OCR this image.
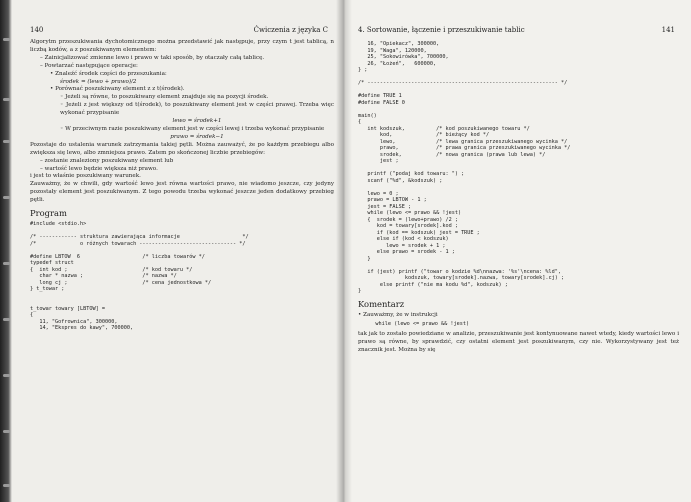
140	Ćwiczenia z języka C

Algorytm przeszukiwania dychotomicznego można przedstawić jak następuje, przy czym t jest tablicą, n liczbą kodów, a z poszukiwanym elementem:

– Zainicjalizować zmienne lewo i prawo w taki sposób, by otaczały całą tablicę.
– Powtarzać następujące operacje:
• Znaleźć środek części do przeszukania:
środek = (lewo + prawo)/2
• Porównać poszukiwany element z z t(środek).
◦ Jeżeli są równe, to poszukiwany element znajduje się na pozycji środek.
◦ Jeżeli z jest większy od t(środek), to poszukiwany element jest w części prawej. Trzeba więc wykonać przypisanie
lewo = środek+1
◦ W przeciwnym razie poszukiwany element jest w części lewej i trzeba wykonać przypisanie
prawo = środek−1

Pozostaje do ustalenia warunek zatrzymania takiej pętli. Można zauważyć, że po każdym przebiegu albo zwiększa się lewo, albo zmniejsza prawo. Zatem po skończonej liczbie przebiegów:

– zostanie znaleziony poszukiwany element lub
– wartość lewo będzie większa niż prawo.

i jest to właśnie poszukiwany warunek.

Zauważmy, że w chwili, gdy wartość lewo jest równa wartości prawo, nie wiadomo jeszcze, czy jedyny pozostały element jest poszukiwanym. Z tego powodu trzeba wykonać jeszcze jeden dodatkowy przebieg pętli.

Program
#include <stdio.h>

/* ------------ struktura zawierająca informacje                    */
/*              o różnych towarach ------------------------------- */

#define LBTOW  6                    /* liczba towarów */
typedef struct
{  int kod ;                        /* kod towaru */
char * nazwa ;                   /* nazwa */
long cj ;                        /* cena jednostkowa */
} t_towar ;

t_towar towary [LBTOW] =
{
11, "Gofrownica", 300000,
14, "Ekspres do kawy", 700000,
4. Sortowanie, łączenie i przeszukiwanie tablic	141
16, "Opiekacz", 300000,
19, "Waga", 120000,
25, "Sokowirówka", 700000,
26, "Łożeń",   600000,
} ;

/* ------------------------------------------------------------- */

#define TRUE 1
#define FALSE 0

main()
{
int kodszuk,          /* kod poszukiwanego towaru */
kod,              /* bieżący kod */
lewo,             /* lewa granica przeszukiwanego wycinka */
prawo,            /* prawa granica przeszukiwanego wycinka */
srodek,           /* nowa granica (prawa lub lewa) */
jest ;

printf ("podaj kod towaru: ") ;
scanf ("%d", &kodszuk) ;

lewo = 0 ;
prawo = LBTOW - 1 ;
jest = FALSE ;
while (lewo <= prawo && !jest)
{  srodek = (lewo+prawo) /2 ;
kod = towary[srodek].kod ;
if (kod == kodszuk) jest = TRUE ;
else if (kod < kodszuk)
lewo = srodek + 1 ;
else prawo = srodek - 1 ;
}

if (jest) printf ("towar o kodzie %d\nnazwa: '%s'\ncena: %ld",
kodszuk, towary[srodek].nazwa, towary[srodek].cj) ;
else printf ("nie ma kodu %d", kodszuk) ;
}
Komentarz
• Zauważmy, że w instrukcji
while (lewo <= prawo && !jest)

tak jak to zostało powiedziane w analizie, przeszukiwanie jest kontynuowane nawet wtedy, kiedy wartości lewo i prawo są równe, by sprawdzić, czy ostatni element jest poszukiwanym, czy nie. Wykorzystywany jest też znacznik jest. Można by się
